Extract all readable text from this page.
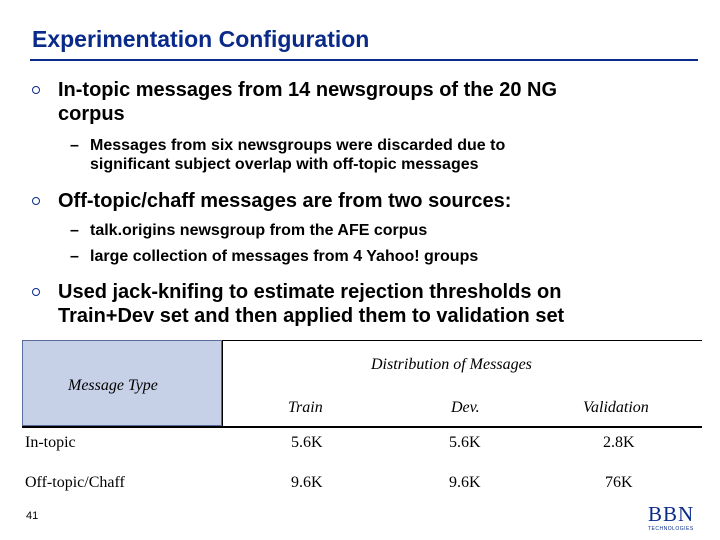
Experimentation Configuration
In-topic messages from 14 newsgroups of the 20 NG
corpus
– Messages from six newsgroups were discarded due to
significant subject overlap with off-topic messages
Off-topic/chaff messages are from two sources:
– talk.origins newsgroup from the AFE corpus
– large collection of messages from 4 Yahoo! groups
Used jack-knifing to estimate rejection thresholds on
Train+Dev set and then applied them to validation set
Message Type
Distribution of Messages
Train	Dev.	Validation
In-topic	5.6K	5.6K	2.8K
Off-topic/Chaff	9.6K	9.6K	76K
41	BBN
TECHNOLOGIES
